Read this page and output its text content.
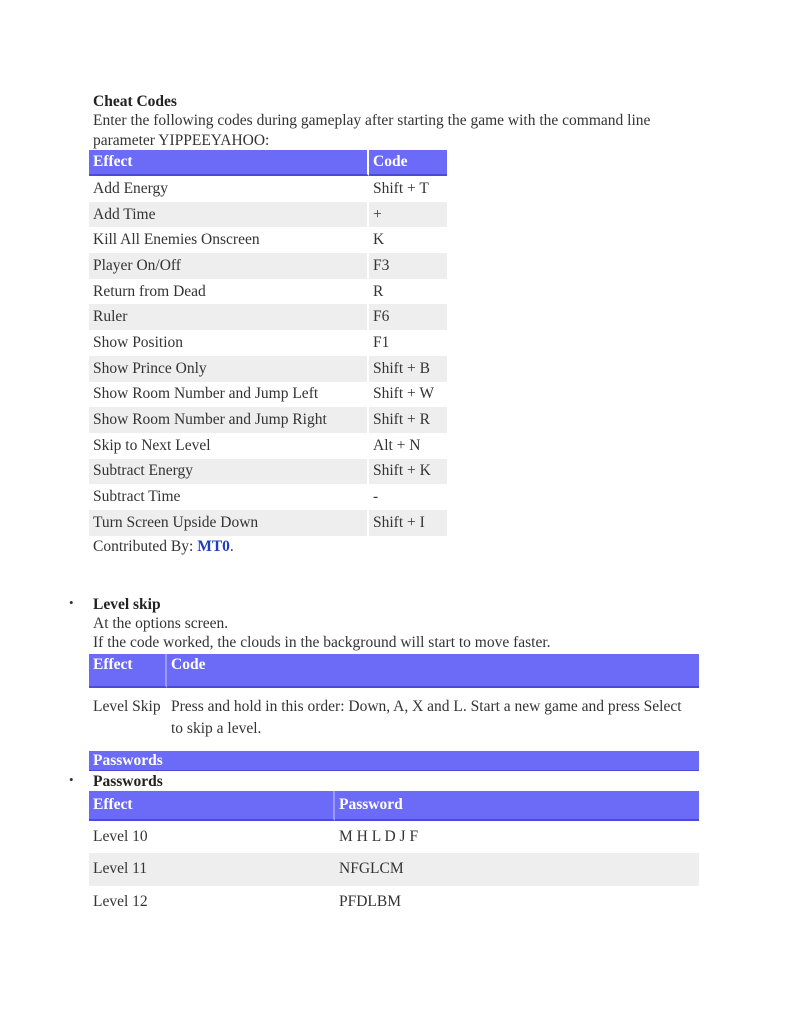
Cheat Codes
Enter the following codes during gameplay after starting the game with the command line parameter YIPPEEYAHOO:
Effect	Code
Add Energy	Shift + T
Add Time	+
Kill All Enemies Onscreen	K
Player On/Off	F3
Return from Dead	R
Ruler	F6
Show Position	F1
Show Prince Only	Shift + B
Show Room Number and Jump Left	Shift + W
Show Room Number and Jump Right	Shift + R
Skip to Next Level	Alt + N
Subtract Energy	Shift + K
Subtract Time	-
Turn Screen Upside Down	Shift + I
Contributed By: MT0.
• Level skip
At the options screen.
If the code worked, the clouds in the background will start to move faster.
Effect	Code
Level Skip	Press and hold in this order: Down, A, X and L. Start a new game and press Select to skip a level.
Passwords
• Passwords
Effect	Password
Level 10	M H L D J F
Level 11	NFGLCM
Level 12	PFDLBM
